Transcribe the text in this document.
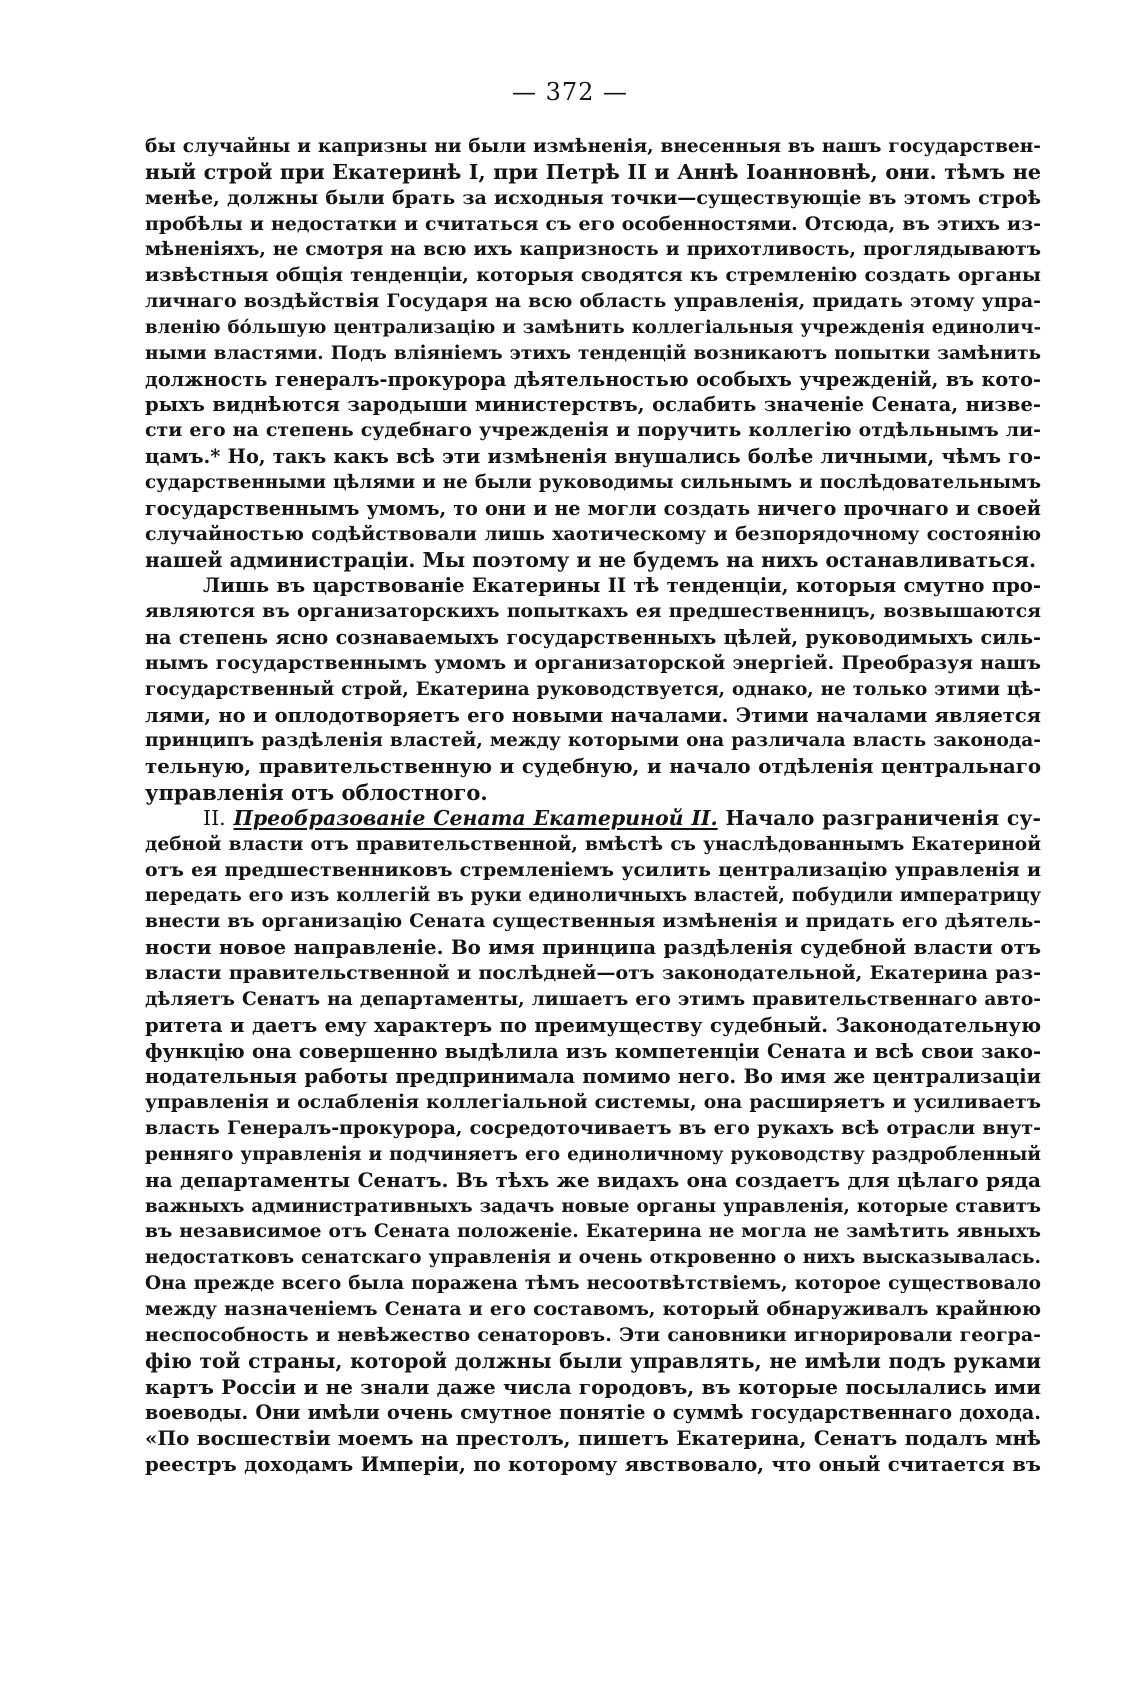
— 372 —
бы случайны и капризны ни были измѣненія, внесенныя въ нашъ государствен-
ный строй при Екатеринѣ I, при Петрѣ II и Аннѣ Іоанновнѣ, они. тѣмъ не
менѣе, должны были брать за исходныя точки—существующіе въ этомъ строѣ
пробѣлы и недостатки и считаться съ его особенностями. Отсюда, въ этихъ из-
мѣненіяхъ, не смотря на всю ихъ капризность и прихотливость, проглядываютъ
извѣстныя общія тенденціи, которыя сводятся къ стремленію создать органы
личнаго воздѣйствія Государя на всю область управленія, придать этому упра-
вленію бóльшую централизацію и замѣнить коллегіальныя учрежденія единолич-
ными властями. Подъ вліяніемъ этихъ тенденцій возникаютъ попытки замѣнить
должность генералъ-прокурора дѣятельностью особыхъ учрежденій, въ кото-
рыхъ виднѣются зародыши министерствъ, ослабить значеніе Сената, низве-
сти его на степень судебнаго учрежденія и поручить коллегію отдѣльнымъ ли-
цамъ.* Но, такъ какъ всѣ эти измѣненія внушались болѣе личными, чѣмъ го-
сударственными цѣлями и не были руководимы сильнымъ и послѣдовательнымъ
государственнымъ умомъ, то они и не могли создать ничего прочнаго и своей
случайностью содѣйствовали лишь хаотическому и безпорядочному состоянію
нашей администраціи. Мы поэтому и не будемъ на нихъ останавливаться.
Лишь въ царствованіе Екатерины II тѣ тенденціи, которыя смутно про-
являются въ организаторскихъ попыткахъ ея предшественницъ, возвышаются
на степень ясно сознаваемыхъ государственныхъ цѣлей, руководимыхъ силь-
нымъ государственнымъ умомъ и организаторской энергіей. Преобразуя нашъ
государственный строй, Екатерина руководствуется, однако, не только этими цѣ-
лями, но и оплодотворяетъ его новыми началами. Этими началами является
принципъ раздѣленія властей, между которыми она различала власть законода-
тельную, правительственную и судебную, и начало отдѣленія центральнаго
управленія отъ облостного.
II. Преобразованіе Сената Екатериной II. Начало разграниченія су-
дебной власти отъ правительственной, вмѣстѣ съ унаслѣдованнымъ Екатериной
отъ ея предшественниковъ стремленіемъ усилить централизацію управленія и
передать его изъ коллегій въ руки единоличныхъ властей, побудили императрицу
внести въ организацію Сената существенныя измѣненія и придать его дѣятель-
ности новое направленіе. Во имя принципа раздѣленія судебной власти отъ
власти правительственной и послѣдней—отъ законодательной, Екатерина раз-
дѣляетъ Сенатъ на департаменты, лишаетъ его этимъ правительственнаго авто-
ритета и даетъ ему характеръ по преимуществу судебный. Законодательную
функцію она совершенно выдѣлила изъ компетенціи Сената и всѣ свои зако-
нодательныя работы предпринимала помимо него. Во имя же централизаціи
управленія и ослабленія коллегіальной системы, она расширяетъ и усиливаетъ
власть Генералъ-прокурора, сосредоточиваетъ въ его рукахъ всѣ отрасли внут-
ренняго управленія и подчиняетъ его единоличному руководству раздробленный
на департаменты Сенатъ. Въ тѣхъ же видахъ она создаетъ для цѣлаго ряда
важныхъ административныхъ задачъ новые органы управленія, которые ставитъ
въ независимое отъ Сената положеніе. Екатерина не могла не замѣтить явныхъ
недостатковъ сенатскаго управленія и очень откровенно о нихъ высказывалась.
Она прежде всего была поражена тѣмъ несоотвѣтствіемъ, которое существовало
между назначеніемъ Сената и его составомъ, который обнаруживалъ крайнюю
неспособность и невѣжество сенаторовъ. Эти сановники игнорировали геогра-
фію той страны, которой должны были управлять, не имѣли подъ руками
картъ Россіи и не знали даже числа городовъ, въ которые посылались ими
воеводы. Они имѣли очень смутное понятіе о суммѣ государственнаго дохода.
«По восшествіи моемъ на престолъ, пишетъ Екатерина, Сенатъ подалъ мнѣ
реестръ доходамъ Имперіи, по которому явствовало, что оный считается въ
